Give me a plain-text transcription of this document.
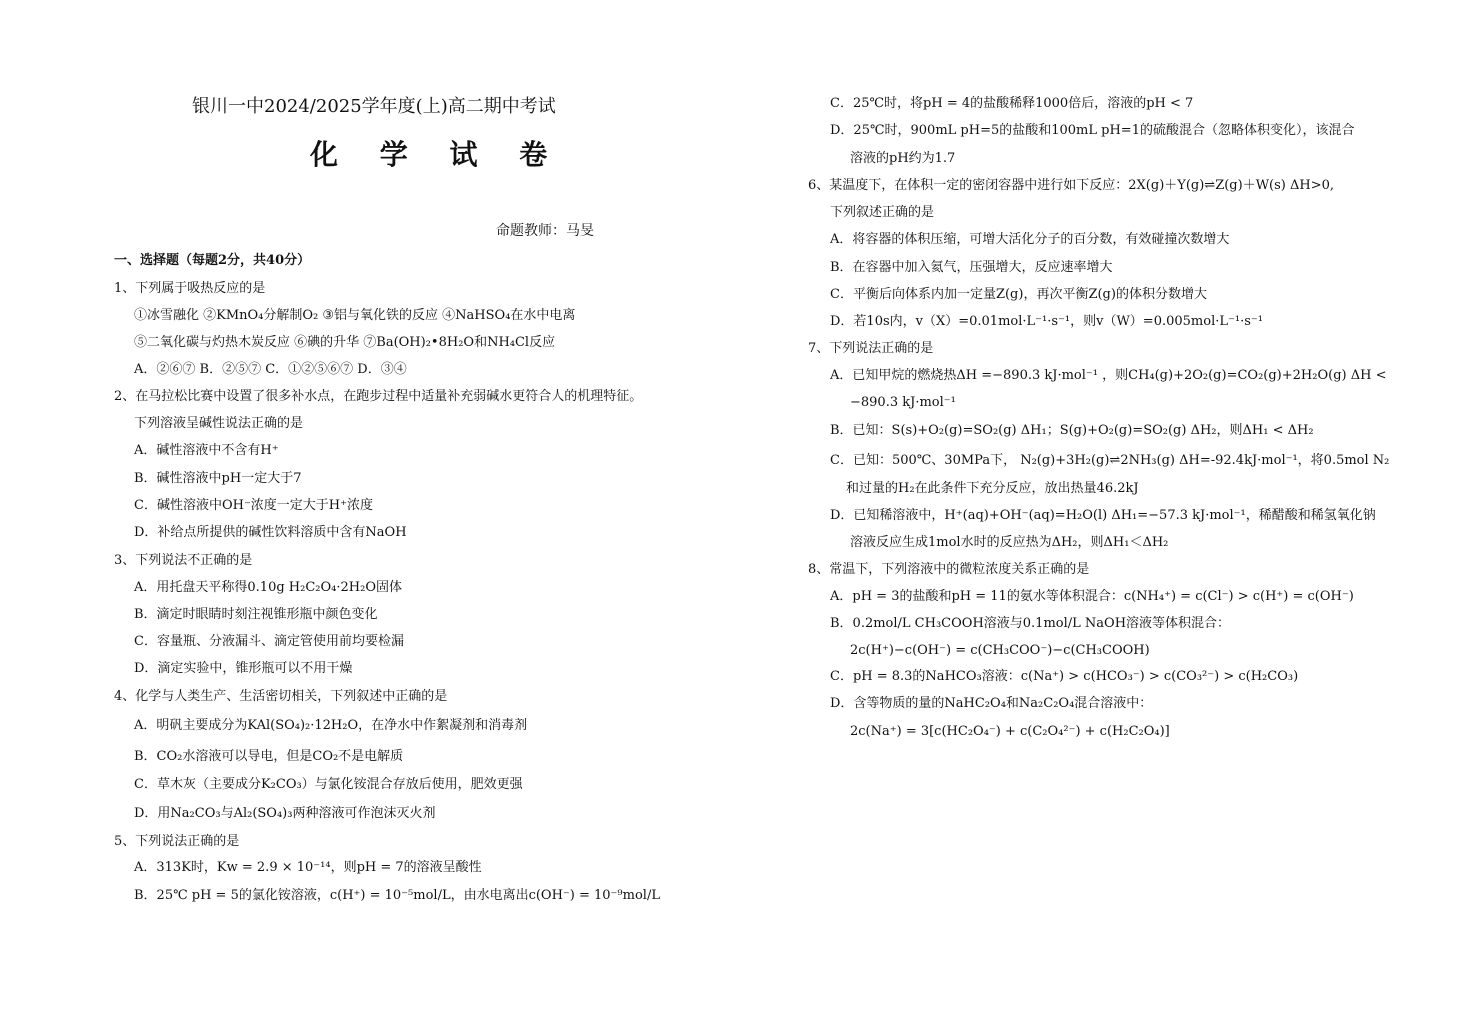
银川一中2024/2025学年度(上)高二期中考试
化 学 试 卷
命题教师：马旻
一、选择题（每题2分，共40分）
1、下列属于吸热反应的是
①冰雪融化 ②KMnO₄分解制O₂ ③铝与氧化铁的反应 ④NaHSO₄在水中电离
⑤二氧化碳与灼热木炭反应 ⑥碘的升华 ⑦Ba(OH)₂•8H₂O和NH₄Cl反应
A．②⑥⑦ B．②⑤⑦ C．①②⑤⑥⑦ D．③④
2、在马拉松比赛中设置了很多补水点，在跑步过程中适量补充弱碱水更符合人的机理特征。
下列溶液呈碱性说法正确的是
A．碱性溶液中不含有H⁺
B．碱性溶液中pH一定大于7
C．碱性溶液中OH⁻浓度一定大于H⁺浓度
D．补给点所提供的碱性饮料溶质中含有NaOH
3、下列说法不正确的是
A．用托盘天平称得0.10g H₂C₂O₄·2H₂O固体
B．滴定时眼睛时刻注视锥形瓶中颜色变化
C．容量瓶、分液漏斗、滴定管使用前均要检漏
D．滴定实验中，锥形瓶可以不用干燥
4、化学与人类生产、生活密切相关，下列叙述中正确的是
A．明矾主要成分为KAl(SO₄)₂·12H₂O，在净水中作絮凝剂和消毒剂
B．CO₂水溶液可以导电，但是CO₂不是电解质
C．草木灰（主要成分K₂CO₃）与氯化铵混合存放后使用，肥效更强
D．用Na₂CO₃与Al₂(SO₄)₃两种溶液可作泡沫灭火剂
5、下列说法正确的是
A．313K时，Kw = 2.9 × 10⁻¹⁴，则pH = 7的溶液呈酸性
B．25℃ pH = 5的氯化铵溶液，c(H⁺) = 10⁻⁵mol/L，由水电离出c(OH⁻) = 10⁻⁹mol/L
C．25℃时，将pH = 4的盐酸稀释1000倍后，溶液的pH < 7
D．25℃时，900mL pH=5的盐酸和100mL pH=1的硫酸混合（忽略体积变化），该混合
溶液的pH约为1.7
6、某温度下，在体积一定的密闭容器中进行如下反应：2X(g)＋Y(g)⇌Z(g)＋W(s) ΔH>0,
下列叙述正确的是
A．将容器的体积压缩，可增大活化分子的百分数，有效碰撞次数增大
B．在容器中加入氦气，压强增大，反应速率增大
C．平衡后向体系内加一定量Z(g)，再次平衡Z(g)的体积分数增大
D．若10s内，v（X）=0.01mol·L⁻¹·s⁻¹，则v（W）=0.005mol·L⁻¹·s⁻¹
7、下列说法正确的是
A．已知甲烷的燃烧热ΔH =−890.3 kJ·mol⁻¹ ，则CH₄(g)+2O₂(g)=CO₂(g)+2H₂O(g) ΔH <
−890.3 kJ·mol⁻¹
B．已知：S(s)+O₂(g)=SO₂(g) ΔH₁；S(g)+O₂(g)=SO₂(g) ΔH₂，则ΔH₁ < ΔH₂
C．已知：500℃、30MPa下， N₂(g)+3H₂(g)⇌2NH₃(g) ΔH=-92.4kJ·mol⁻¹，将0.5mol N₂
和过量的H₂在此条件下充分反应，放出热量46.2kJ
D．已知稀溶液中，H⁺(aq)+OH⁻(aq)=H₂O(l) ΔH₁=−57.3 kJ·mol⁻¹，稀醋酸和稀氢氧化钠
溶液反应生成1mol水时的反应热为ΔH₂，则ΔH₁＜ΔH₂
8、常温下，下列溶液中的微粒浓度关系正确的是
A．pH = 3的盐酸和pH = 11的氨水等体积混合：c(NH₄⁺) = c(Cl⁻) > c(H⁺) = c(OH⁻)
B．0.2mol/L CH₃COOH溶液与0.1mol/L NaOH溶液等体积混合：
2c(H⁺)−c(OH⁻) = c(CH₃COO⁻)−c(CH₃COOH)
C．pH = 8.3的NaHCO₃溶液：c(Na⁺) > c(HCO₃⁻) > c(CO₃²⁻) > c(H₂CO₃)
D．含等物质的量的NaHC₂O₄和Na₂C₂O₄混合溶液中：
2c(Na⁺) = 3[c(HC₂O₄⁻) + c(C₂O₄²⁻) + c(H₂C₂O₄)]
